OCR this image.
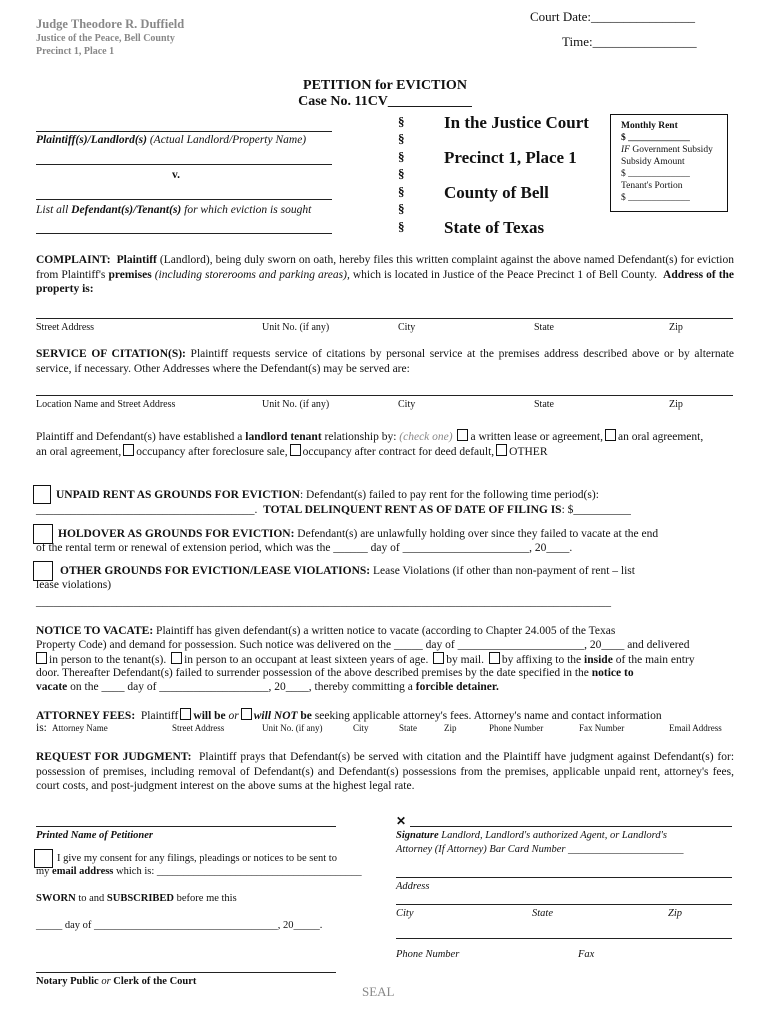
Judge Theodore R. Duffield
Justice of the Peace, Bell County
Precinct 1, Place 1
Court Date:________________
Time:________________
PETITION for EVICTION
Case No. 11CV____________
Plaintiff(s)/Landlord(s) (Actual Landlord/Property Name)
v.
List all Defendant(s)/Tenant(s) for which eviction is sought
§
§
§
§
§
§
§
In the Justice Court
Precinct 1, Place 1
County of Bell
State of Texas
Monthly Rent
$ _____________
IF Government Subsidy
Subsidy Amount
$ _____________
Tenant's Portion
$ _____________
COMPLAINT: Plaintiff (Landlord), being duly sworn on oath, hereby files this written complaint against the above named Defendant(s) for eviction from Plaintiff's premises (including storerooms and parking areas), which is located in Justice of the Peace Precinct 1 of Bell County. Address of the property is:
Street Address	Unit No. (if any)	City	State	Zip
SERVICE OF CITATION(S): Plaintiff requests service of citations by personal service at the premises address described above or by alternate service, if necessary. Other Addresses where the Defendant(s) may be served are:
Location Name and Street Address	Unit No. (if any)	City	State	Zip
Plaintiff and Defendant(s) have established a landlord tenant relationship by: (check one) a written lease or agreement, an oral agreement,
an oral agreement, occupancy after foreclosure sale, occupancy after contract for deed default, OTHER
UNPAID RENT AS GROUNDS FOR EVICTION: Defendant(s) failed to pay rent for the following time period(s):
______________________________________. TOTAL DELINQUENT RENT AS OF DATE OF FILING IS: $__________
HOLDOVER AS GROUNDS FOR EVICTION: Defendant(s) are unlawfully holding over since they failed to vacate at the end
of the rental term or renewal of extension period, which was the ______ day of ______________________, 20____.
OTHER GROUNDS FOR EVICTION/LEASE VIOLATIONS: Lease Violations (if other than non-payment of rent – list
lease violations)
____________________________________________________________________________________________________
NOTICE TO VACATE: Plaintiff has given defendant(s) a written notice to vacate (according to Chapter 24.005 of the Texas
Property Code) and demand for possession. Such notice was delivered on the _____ day of ______________________, 20____ and delivered
in person to the tenant(s). in person to an occupant at least sixteen years of age. by mail. by affixing to the inside of the main entry
door. Thereafter Defendant(s) failed to surrender possession of the above described premises by the date specified in the notice to
vacate on the ____ day of ___________________, 20____, thereby committing a forcible detainer.
ATTORNEY FEES: Plaintiff will be or will NOT be seeking applicable attorney's fees. Attorney's name and contact information
is: Attorney Name	Street Address	Unit No. (if any)	City	State	Zip	Phone Number	Fax Number	Email Address
REQUEST FOR JUDGMENT: Plaintiff prays that Defendant(s) be served with citation and the Plaintiff have judgment against Defendant(s) for: possession of premises, including removal of Defendant(s) and Defendant(s) possessions from the premises, applicable unpaid rent, attorney's fees, court costs, and post-judgment interest on the above sums at the highest legal rate.
Printed Name of Petitioner
I give my consent for any filings, pleadings or notices to be sent to
my email address which is: _______________________________________
SWORN to and SUBSCRIBED before me this
_____ day of ___________________________________, 20_____.
Notary Public or Clerk of the Court
SEAL
✕
Signature Landlord, Landlord's authorized Agent, or Landlord's
Attorney (If Attorney) Bar Card Number ______________________
Address
City	State	Zip
Phone Number	Fax
